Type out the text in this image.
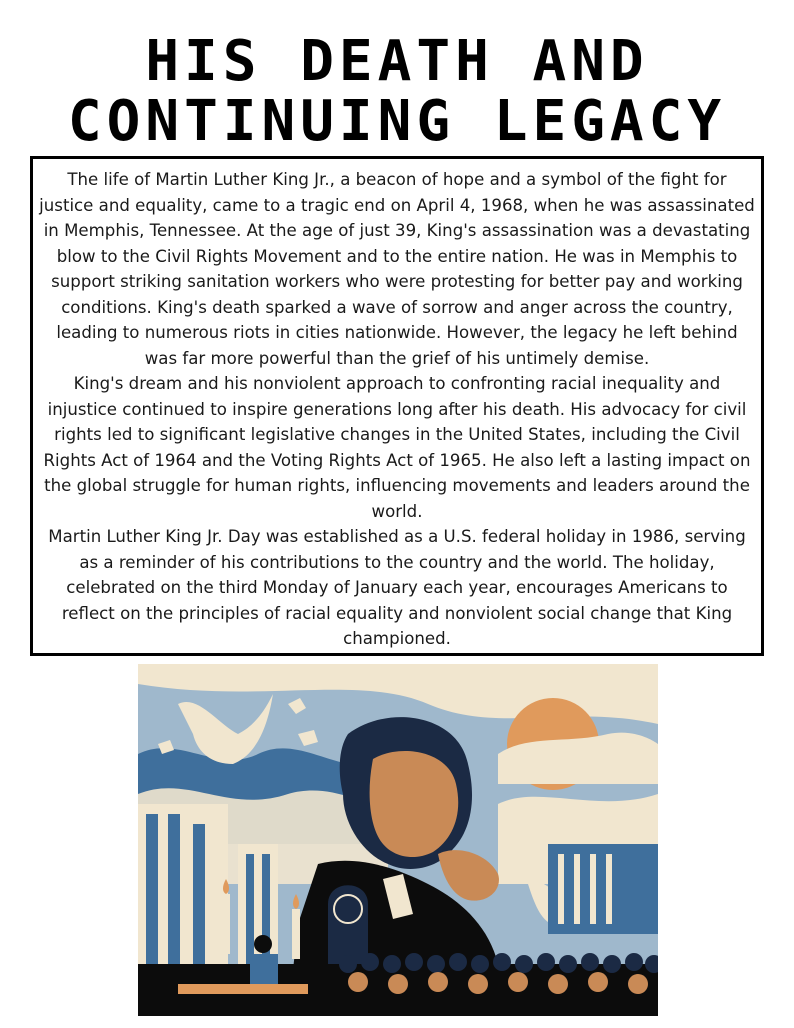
HIS DEATH AND CONTINUING LEGACY

The life of Martin Luther King Jr., a beacon of hope and a symbol of the fight for justice and equality, came to a tragic end on April 4, 1968, when he was assassinated in Memphis, Tennessee. At the age of just 39, King's assassination was a devastating blow to the Civil Rights Movement and to the entire nation. He was in Memphis to support striking sanitation workers who were protesting for better pay and working conditions. King's death sparked a wave of sorrow and anger across the country, leading to numerous riots in cities nationwide. However, the legacy he left behind was far more powerful than the grief of his untimely demise.

King's dream and his nonviolent approach to confronting racial inequality and injustice continued to inspire generations long after his death. His advocacy for civil rights led to significant legislative changes in the United States, including the Civil Rights Act of 1964 and the Voting Rights Act of 1965. He also left a lasting impact on the global struggle for human rights, influencing movements and leaders around the world.

Martin Luther King Jr. Day was established as a U.S. federal holiday in 1986, serving as a reminder of his contributions to the country and the world. The holiday, celebrated on the third Monday of January each year, encourages Americans to reflect on the principles of racial equality and nonviolent social change that King championed.
